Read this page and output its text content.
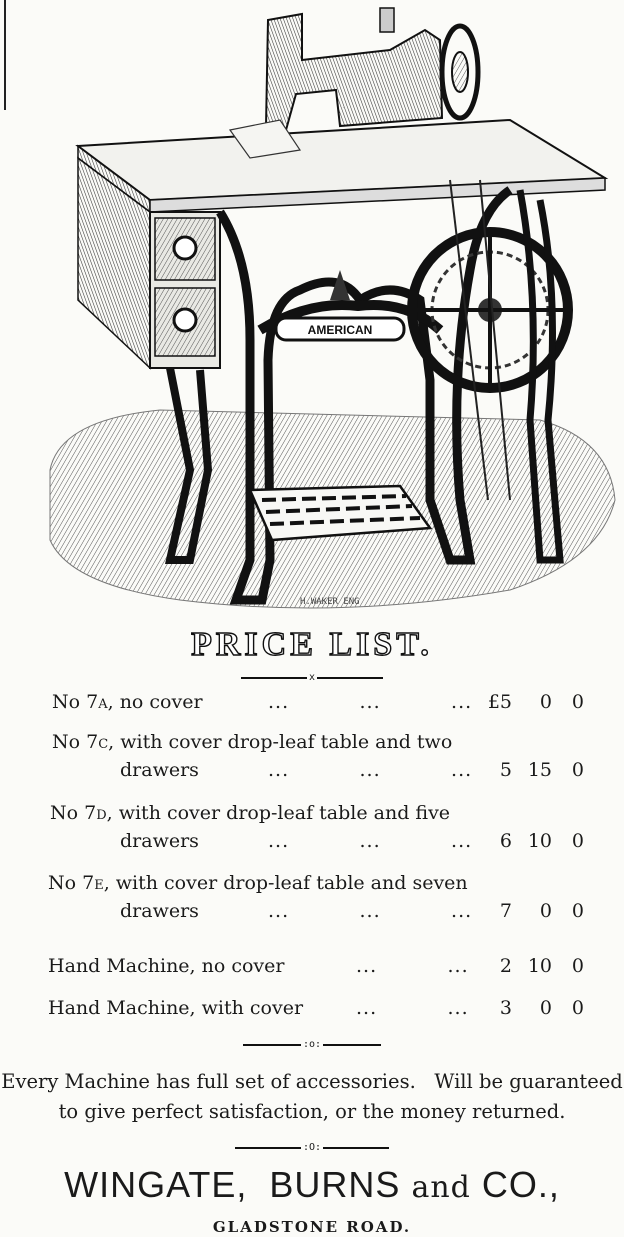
AMERICAN
H.WAKER ENG
PRICE LIST.
x
No 7a, no cover	...          ...          ... £5	0	0
No 7c, with cover drop-leaf table and two
drawers	...          ...          ... 5 15	0
No 7d, with cover drop-leaf table and five
drawers	...          ...          ... 6 10	0
No 7e, with cover drop-leaf table and seven
drawers	...          ...          ... 7	0	0
Hand Machine, no cover	...          ... 2 10	0
Hand Machine, with cover	...          ... 3	0	0
:o:
Every Machine has full set of accessories.   Will be guaranteed
to give perfect satisfaction, or the money returned.
:O:
WINGATE,  BURNS and CO.,
GLADSTONE ROAD.
